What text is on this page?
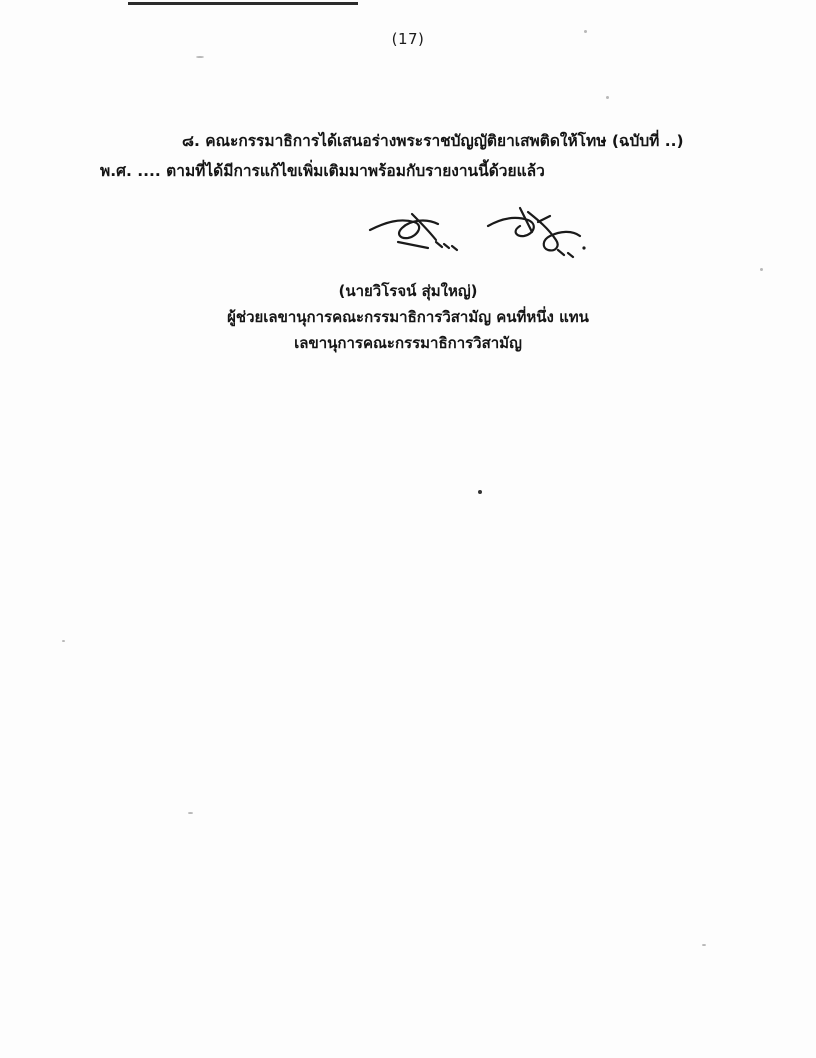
(17)
๘. คณะกรรมาธิการได้เสนอร่างพระราชบัญญัติยาเสพติดให้โทษ (ฉบับที่ ..)
พ.ศ. .... ตามที่ได้มีการแก้ไขเพิ่มเติมมาพร้อมกับรายงานนี้ด้วยแล้ว
(นายวิโรจน์ สุ่มใหญ่)
ผู้ช่วยเลขานุการคณะกรรมาธิการวิสามัญ คนที่หนึ่ง แทน
เลขานุการคณะกรรมาธิการวิสามัญ
